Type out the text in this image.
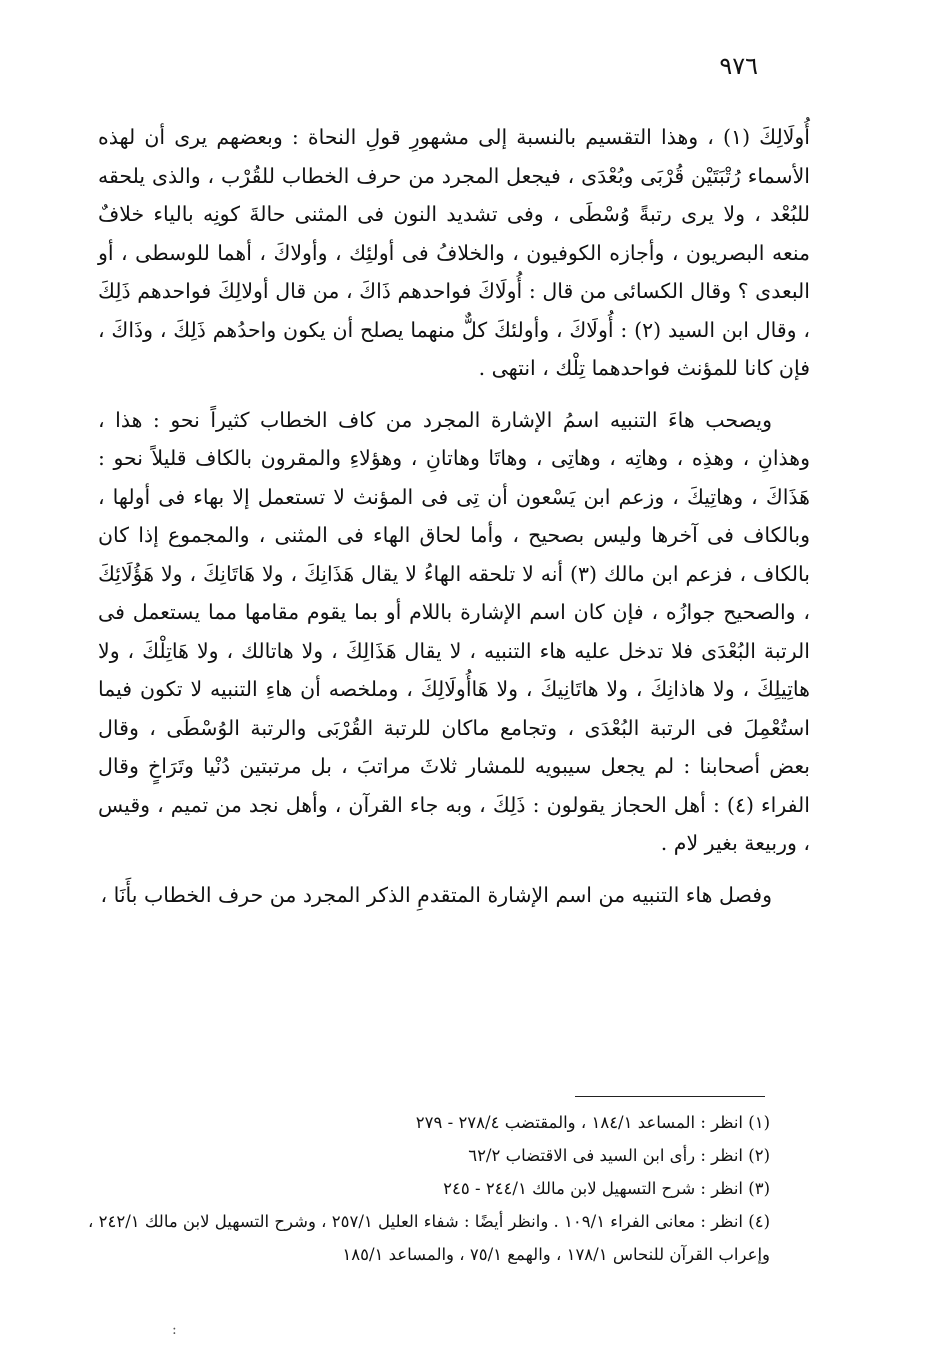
٩٧٦

أُولَالِكَ (١) ، وهذا التقسيم بالنسبة إلى مشهورِ قولِ النحاة : وبعضهم يرى أن لهذه الأسماء رُتْبَتَيْن قُرْبَى وبُعْدَى ، فيجعل المجرد من حرف الخطاب للقُرْب ، والذى يلحقه للبُعْد ، ولا يرى رتبةً وُسْطَى ، وفى تشديد النون فى المثنى حالةَ كونِه بالياء خلافٌ منعه البصريون ، وأجازه الكوفيون ، والخلافُ فى أولئِك ، وأولاكَ ، أهما للوسطى ، أو البعدى ؟ وقال الكسائى من قال : أُولَاكَ فواحدهم ذَاكَ ، من قال أولالِكَ فواحدهم ذَلِكَ ، وقال ابن السيد (٢) : أُولَاكَ ، وأولئكَ كلٌّ منهما يصلح أن يكون واحدُهم ذَلِكَ ، وذَاكَ ، فإن كانا للمؤنث فواحدهما تِلْك ، انتهى .

ويصحب هاءَ التنبيه اسمُ الإشارة المجرد من كاف الخطاب كثيراً نحو : هذا ، وهذانِ ، وهذِه ، وهاتِه ، وهاتِى ، وهاتَا وهاتانِ ، وهؤلاءِ والمقرون بالكاف قليلاً نحو : هَذَاكَ ، وهاتِيكَ ، وزعم ابن يَسْعون أن تِى فى المؤنث لا تستعمل إلا بهاء فى أولها ، وبالكاف فى آخرها وليس بصحيح ، وأما لحاق الهاء فى المثنى ، والمجموع إذا كان بالكاف ، فزعم ابن مالك (٣) أنه لا تلحقه الهاءُ لا يقال هَذَانِكَ ، ولا هَاتَانِكَ ، ولا هَؤُلَائِكَ ، والصحيح جوازُه ، فإن كان اسم الإشارة باللام أو بما يقوم مقامها مما يستعمل فى الرتبة البُعْدَى فلا تدخل عليه هاء التنبيه ، لا يقال هَذَالِكَ ، ولا هاتالك ، ولا هَاتِلْكَ ، ولا هاتِيلِكَ ، ولا هاذانِكَ ، ولا هاتَانِيكَ ، ولا هَاأُولَالِكَ ، وملخصه أن هاءِ التنبيه لا تكون فيما استُعْمِلَ فى الرتبة البُعْدَى ، وتجامع ماكان للرتبة القُرْبَى والرتبة الوُسْطَى ، وقال بعض أصحابنا : لم يجعل سيبويه للمشار ثلاثَ مراتبَ ، بل مرتبتين دُنْيا وتَرَاخٍ وقال الفراء (٤) : أهل الحجاز يقولون : ذَلِكَ ، وبه جاء القرآن ، وأهل نجد من تميم ، وقيس ، وربيعة بغير لام .

وفصل هاء التنبيه من اسم الإشارة المتقدمِ الذكر المجرد من حرف الخطاب بأَنَا ،

(١) انظر : المساعد ١٨٤/١ ، والمقتضب ٢٧٨/٤ - ٢٧٩

(٢) انظر : رأى ابن السيد فى الاقتضاب ٦٢/٢

(٣) انظر : شرح التسهيل لابن مالك ٢٤٤/١ - ٢٤٥

(٤) انظر : معانى الفراء ١٠٩/١ . وانظر أيضًا : شفاء العليل ٢٥٧/١ ، وشرح التسهيل لابن مالك ٢٤٢/١ ، وإعراب القرآن للنحاس ١٧٨/١ ، والهمع ٧٥/١ ، والمساعد ١٨٥/١

:
